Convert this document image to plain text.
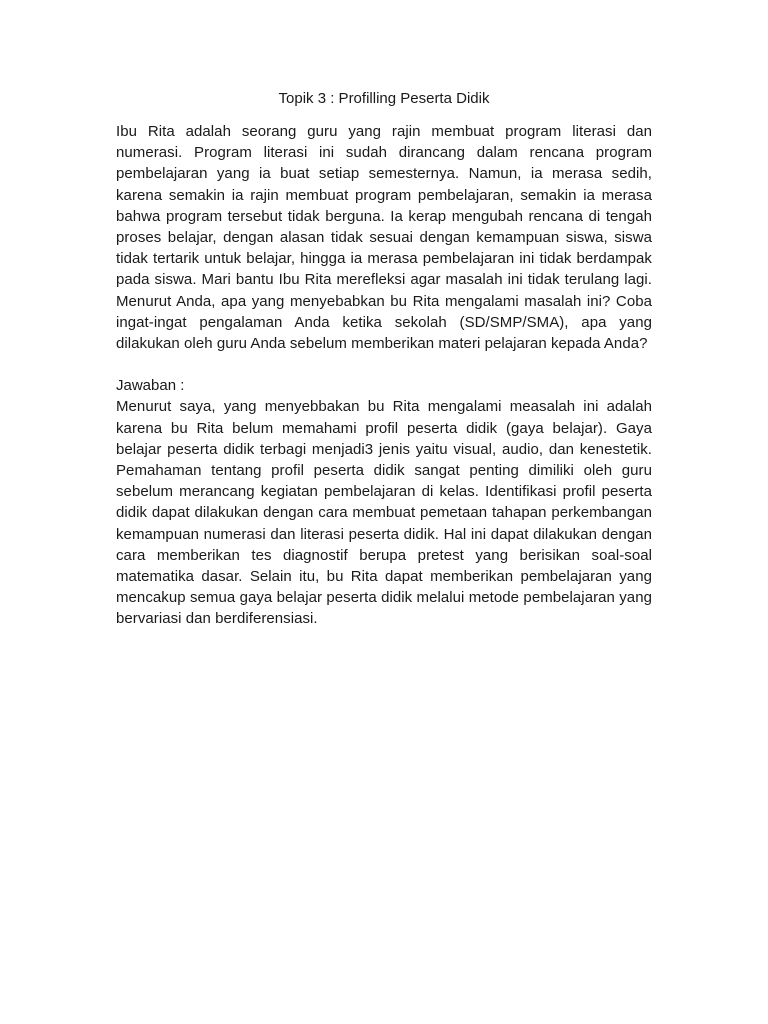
Topik 3 : Profilling Peserta Didik

Ibu Rita adalah seorang guru yang rajin membuat program literasi dan numerasi. Program literasi ini sudah dirancang dalam rencana program pembelajaran yang ia buat setiap semesternya. Namun, ia merasa sedih, karena semakin ia rajin membuat program pembelajaran, semakin ia merasa bahwa program tersebut tidak berguna. Ia kerap mengubah rencana di tengah proses belajar, dengan alasan tidak sesuai dengan kemampuan siswa, siswa tidak tertarik untuk belajar, hingga ia merasa pembelajaran ini tidak berdampak pada siswa. Mari bantu Ibu Rita merefleksi agar masalah ini tidak terulang lagi. Menurut Anda, apa yang menyebabkan bu Rita mengalami masalah ini? Coba ingat-ingat pengalaman Anda ketika sekolah (SD/SMP/SMA), apa yang dilakukan oleh guru Anda sebelum memberikan materi pelajaran kepada Anda?

Jawaban :

Menurut saya, yang menyebbakan bu Rita mengalami measalah ini adalah karena bu Rita belum memahami profil peserta didik (gaya belajar). Gaya belajar peserta didik terbagi menjadi3 jenis yaitu visual, audio, dan kenestetik. Pemahaman tentang profil peserta didik sangat penting dimiliki oleh guru sebelum merancang kegiatan pembelajaran di kelas. Identifikasi profil peserta didik dapat dilakukan dengan cara membuat pemetaan tahapan perkembangan kemampuan numerasi dan literasi peserta didik. Hal ini dapat dilakukan dengan cara memberikan tes diagnostif berupa pretest yang berisikan soal-soal matematika dasar. Selain itu, bu Rita dapat memberikan pembelajaran yang mencakup semua gaya belajar peserta didik melalui metode pembelajaran yang bervariasi dan berdiferensiasi.
